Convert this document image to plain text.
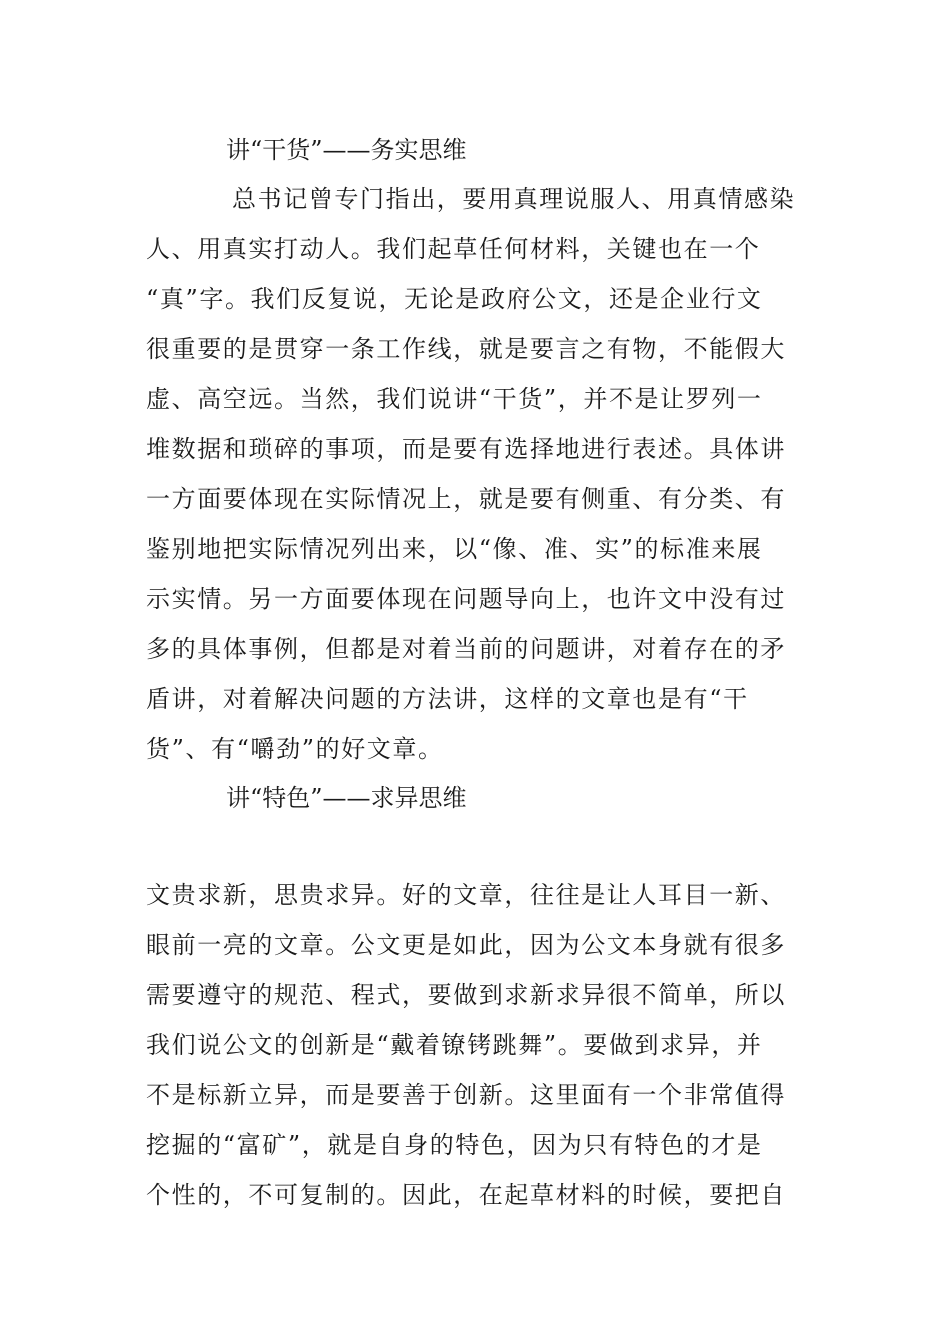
讲“干货”——务实思维
总书记曾专门指出，要用真理说服人、用真情感染
人、用真实打动人。我们起草任何材料，关键也在一个
“真”字。我们反复说，无论是政府公文，还是企业行文
很重要的是贯穿一条工作线，就是要言之有物，不能假大
虚、高空远。当然，我们说讲“干货”，并不是让罗列一
堆数据和琐碎的事项，而是要有选择地进行表述。具体讲
一方面要体现在实际情况上，就是要有侧重、有分类、有
鉴别地把实际情况列出来，以“像、准、实”的标准来展
示实情。另一方面要体现在问题导向上，也许文中没有过
多的具体事例，但都是对着当前的问题讲，对着存在的矛
盾讲，对着解决问题的方法讲，这样的文章也是有“干
货”、有“嚼劲”的好文章。
讲“特色”——求异思维
文贵求新，思贵求异。好的文章，往往是让人耳目一新、
眼前一亮的文章。公文更是如此，因为公文本身就有很多
需要遵守的规范、程式，要做到求新求异很不简单，所以
我们说公文的创新是“戴着镣铐跳舞”。要做到求异，并
不是标新立异，而是要善于创新。这里面有一个非常值得
挖掘的“富矿”，就是自身的特色，因为只有特色的才是
个性的，不可复制的。因此，在起草材料的时候，要把自
